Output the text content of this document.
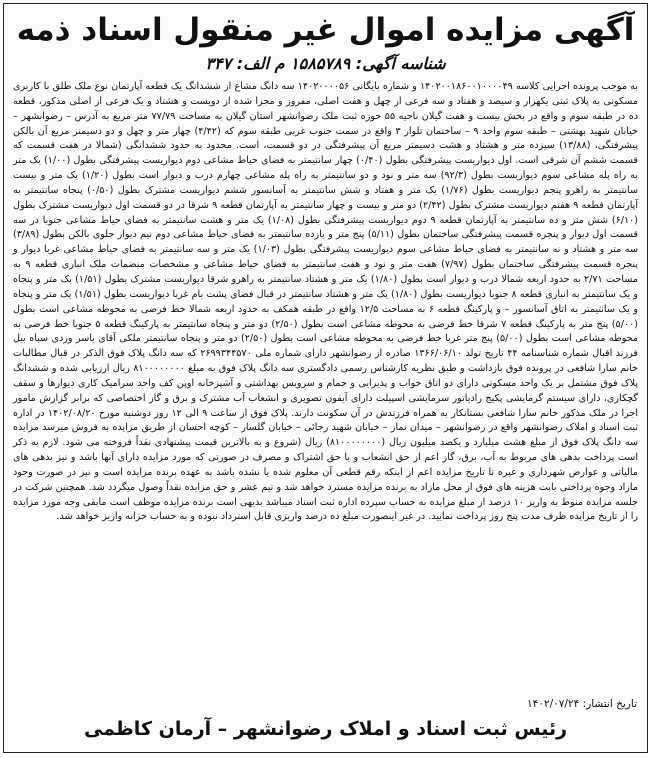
آگهی مزایده اموال غیر منقول اسناد ذمه
شناسه آگهی: ۱۵۸۵۷۸۹ م الف: ۳۴۷
به موجب پرونده اجرایی کلاسه ۱۴۰۲۰۰۱۸۶۰۰۱۰۰۰۰۴۹ و شماره بایگانی ۱۴۰۲۰۰۰۰۵۶ سه دانگ مشاع از ششدانگ یک قطعه آپارتمان نوع ملک طلق با کاربری مسکونی به پلاک ثبتی یکهزار و سیصد و هفتاد و سه فرعی از چهل و هفت اصلی، مفروز و مجزا شده از دویست و هشتاد و یک فرعی از اصلی مذکور، قطعه ده در طبقه سوم و واقع در بخش بیست و هفت گیلان ناحیه ۵۵ حوزه ثبت ملک رضوانشهر استان گیلان به مساحت ۷۷/۷۹ متر مربع به آدرس – رضوانشهر – خیابان شهید بهشتی – طبقه سوم واحد ۹ – ساختمان تلوار ۳ واقع در سمت جنوب غربی طبقه سوم که (۴/۴۲) چهار متر و چهل و دو دسیمتر مربع آن بالکن پیشرفتگی، (۱۳/۸۸) سیزده متر و هشتاد و هشت دسیمتر مربع آن پیشرفتگی در دو قسمت، است. محدود به حدود ششدانگی (شمالا در هفت قسمت که قسمت ششم آن شرقی است. اول دیواریست پیشرفتگی بطول (۰/۴۰) چهار سانتیمتر به فضای حیاط مشاعی دوم دیواریست پیشرفتگی بطول (۱/۰۰) یک متر به راه پله مشاعی سوم دیواریست بطول (۹۲/۳) سه متر و نود و دو سانتیمتر به راه پله مشاعی چهارم درب و دیوار است بطول (۱/۲۰) یک متر و بیست سانتیمتر به راهرو پنجم دیواریست بطول (۱/۷۶) یک متر و هفتاد و شش سانتیمتر به آسانسور ششم دیواریست مشترک بطول (۰/۵۰) پنجاه سانتیمتر به آپارتمان قطعه ۹ هفتم دیواریست مشترک بطول (۲/۴۲) دو متر و بیست و چهار سانتیمتر به آپارتمان قطعه ۹ شرقا در دو قسمت اول دیواریست مشترک بطول (۶/۱۰) شش متر و ده سانتیمتر به آپارتمان قطعه ۹ دوم دیواریست پیشرفتگی بطول (۱/۰۸) یک متر و هشت سانتیمتر به فضای حیاط مشاعی جنوبا در سه قسمت اول دیوار و پنجره قسمت پیشرفتگی ساختمان بطول (۵/۱۱) پنج متر و یازده سانتیمتر به فضای حیاط مشاعی دوم نیم دیوار جلوی بالکن بطول (۳/۸۹) سه متر و هشتاد و نه سانتیمتر به فضای حیاط مشاعی سوم دیواریست پیشرفتگی بطول (۱/۰۳) یک متر و سه سانتیمتر به فضای حیاط مشاعی غربا دیوار و پنجره قسمت پیشرفتگی ساختمان بطول (۷/۹۷) هفت متر و نود و هفت سانتیمتر به فضای حیاط مشاعی و مشخصات منضمات ملک انباری قطعه ۹ به مساحت ۲/۷۱ به حدود اربعه شمالا درب و دیوار است بطول (۱/۸۰) یک متر و هشتاد سانتیمتر به راهرو شرقا دیواریست مشترک بطول (۱/۵۱) یک متر و پنجاه و یک سانتیمتر به انباری قطعه ۸ جنوبا دیواریست بطول (۱/۸۰) یک متر و هشتاد سانتیمتر در قبال فضای پشت بام غربا دیواریست بطول (۱/۵۱) یک متر و پنجاه و یک سانتیمتر به اتاق آسانسور – و پارکینگ قطعه ۶ به مساحت ۱۲/۵ واقع در طبقه همکف به حدود اربعه شمالا خط فرضی به محوطه مشاعی است بطول (۵/۰۰) پنج متر به پارکینگ قطعه ۷ شرقا خط فرضی به محوطه مشاعی است بطول (۲/۵۰) دو متر و پنجاه سانتیمتر به پارکینگ قطعه ۵ جنوبا خط فرضی به محوطه مشاعی است بطول (۵/۰۰) پنج متر غربا خط فرضی به محوطه مشاعی است بطول (۲/۵۰) دو متر و پنجاه سانتیمتر ملکی آقای یاسر وردی سیاه بیل فرزند اقبال شماره شناسنامه ۴۴ تاریخ تولد ۱۳۶۶/۰۶/۱۰ صادره از رضوانشهر دارای شماره ملی ۲۶۹۹۳۴۴۵۷۰ که سه دانگ پلاک فوق الذکر در قبال مطالبات خانم سارا شافعی در پرونده فوق بازداشت و طبق نظریه کارشناس رسمی دادگستری سه دانگ پلاک فوق به مبلغ ۸۱۰۰۰۰۰۰۰۰ ریال ارزیابی شده و ششدانگ پلاک فوق مشتمل بر یک واحد مسکونی دارای دو اتاق خواب و پذیرایی و حمام و سرویس بهداشتی و آشپزخانه اوپن کف واحد سرامیک کاری دیوارها و سقف گچکاری، دارای سیستم گرمایشی پکیج رادیاتور سرمایشی اسپیلت دارای آیفون تصویری و انشعاب آب مشترک و برق و گاز اختصاصی که برابر گزارش مامور اجرا در ملک مذکور خانم سارا شافعی بستانکار به همراه فرزندش در آن سکونت دارند. پلاک فوق از ساعت ۹ الی ۱۲ روز دوشنبه مورخ ۱۴۰۲/۰۸/۲۰ در اداره ثبت اسناد و املاک رضوانشهر واقع در رضوانشهر – میدان نماز – خیابان شهید رجائی – خیابان گلسار – کوچه احسان از طریق مزایده به فروش میرسد مزایده سه دانگ پلاک فوق از مبلغ هشت میلیارد و یکصد میلیون ریال (۸۱۰۰۰۰۰۰۰۰) ریال (شروع و به بالاترین قیمت پیشنهادی نقداً فروخته می شود. لازم به ذکر است پرداخت بدهی های مربوط به آب، برق، گاز اعم از حق انشعاب و یا حق اشتراک و مصرف در صورتی که مورد مزایده دارای آنها باشد و نیز بدهی های مالیاتی و عوارض شهرداری و غیره تا تاریخ مزایده اعم از اینکه رقم قطعی آن معلوم شده یا نشده باشد به عهده برنده مزایده است و نیز در صورت وجود مازاد وجوه پرداختی بابت هزینه های فوق از محل مازاد به برنده مزایده مسترد خواهد شد و نیم عشر و حق مزایده نقداً وصول میگردد شد. همچنین شرکت در جلسه مزایده منوط به واریز ۱۰ درصد از مبلغ مزایده به حساب سپرده اداره ثبت اسناد میباشد بدیهی است برنده مزایده موظف است مابقی وجه مورد مزایده را از تاریخ مزایده ظرف مدت پنج روز پرداخت نمایید. در غیر اینصورت مبلغ ده درصد واریزی قابل استرداد نبوده و به حساب خزانه واریز خواهد شد.
تاریخ انتشار: ۱۴۰۲/۰۷/۲۴
رئیس ثبت اسناد و املاک رضوانشهر – آرمان کاظمی
